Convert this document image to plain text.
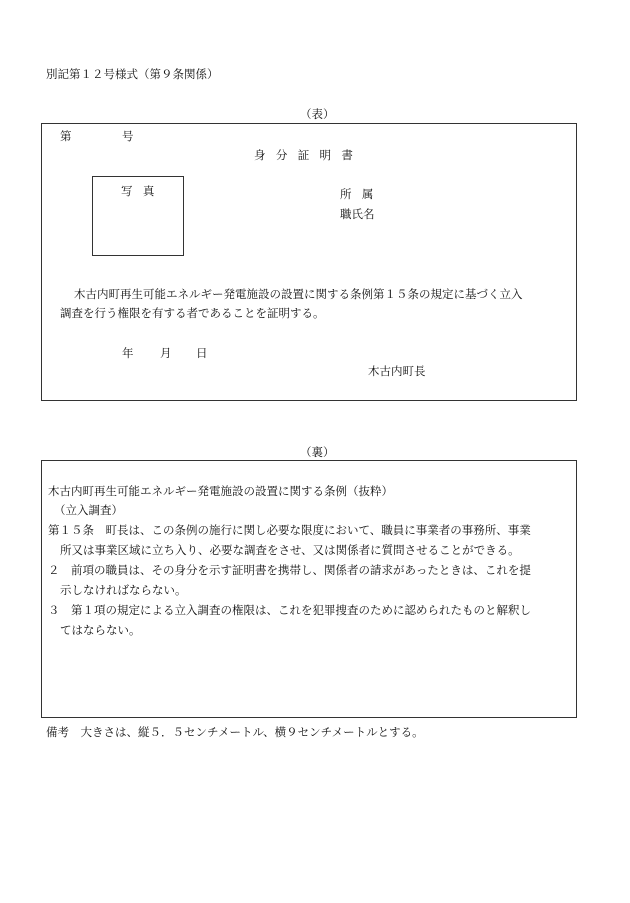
別記第１２号様式（第９条関係）
（表）
第	号
身分証明書
写真	所属
職氏名
木古内町再生可能エネルギー発電施設の設置に関する条例第１５条の規定に基づく立入
調査を行う権限を有する者であることを証明する。
年 月 日
木古内町長
（裏）
木古内町再生可能エネルギー発電施設の設置に関する条例（抜粋）
（立入調査）
第１５条　町長は、この条例の施行に関し必要な限度において、職員に事業者の事務所、事業
所又は事業区域に立ち入り、必要な調査をさせ、又は関係者に質問させることができる。
２　前項の職員は、その身分を示す証明書を携帯し、関係者の請求があったときは、これを提
示しなければならない。
３　第１項の規定による立入調査の権限は、これを犯罪捜査のために認められたものと解釈し
てはならない。
備考　大きさは、縦５．５センチメートル、横９センチメートルとする。
